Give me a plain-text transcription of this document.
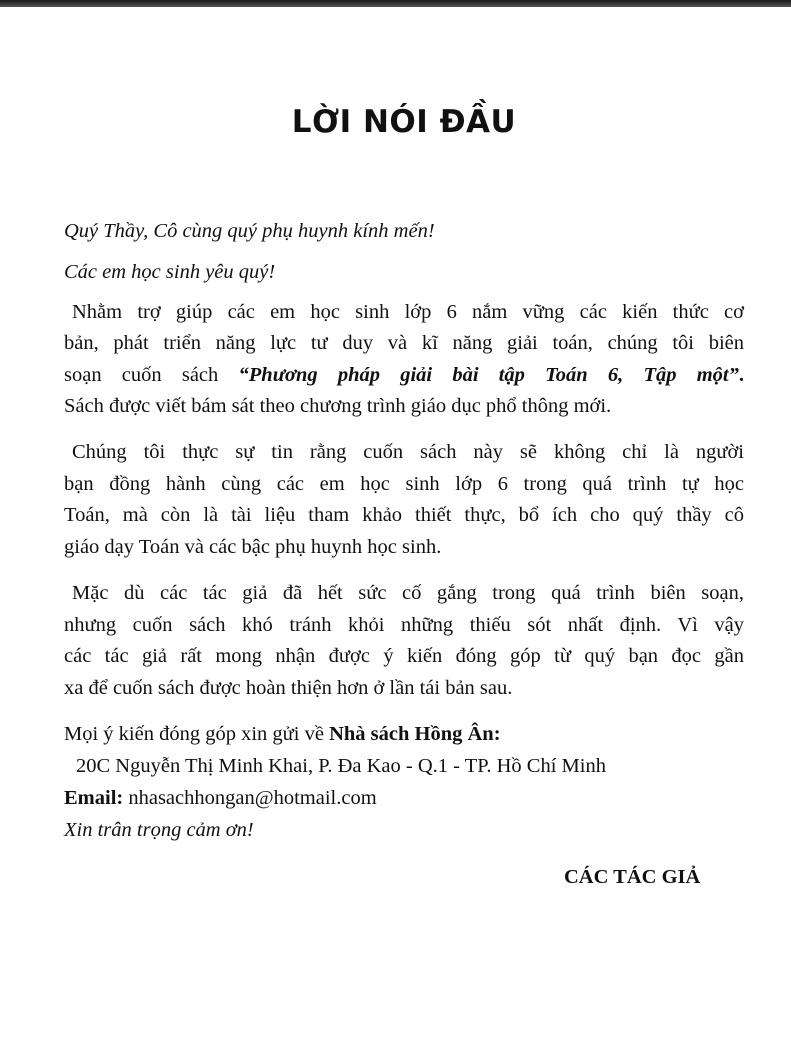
LỜI NÓI ĐẦU

Quý Thầy, Cô cùng quý phụ huynh kính mến!

Các em học sinh yêu quý!

Nhằm trợ giúp các em học sinh lớp 6 nắm vững các kiến thức cơ

bản, phát triển năng lực tư duy và kĩ năng giải toán, chúng tôi biên

soạn cuốn sách “Phương pháp giải bài tập Toán 6, Tập một”.

Sách được viết bám sát theo chương trình giáo dục phổ thông mới.

Chúng tôi thực sự tin rằng cuốn sách này sẽ không chỉ là người

bạn đồng hành cùng các em học sinh lớp 6 trong quá trình tự học

Toán, mà còn là tài liệu tham khảo thiết thực, bổ ích cho quý thầy cô

giáo dạy Toán và các bậc phụ huynh học sinh.

Mặc dù các tác giả đã hết sức cố gắng trong quá trình biên soạn,

nhưng cuốn sách khó tránh khỏi những thiếu sót nhất định. Vì vậy

các tác giả rất mong nhận được ý kiến đóng góp từ quý bạn đọc gần

xa để cuốn sách được hoàn thiện hơn ở lần tái bản sau.

Mọi ý kiến đóng góp xin gửi về Nhà sách Hồng Ân:

20C Nguyễn Thị Minh Khai, P. Đa Kao - Q.1 - TP. Hồ Chí Minh

Email: nhasachhongan@hotmail.com

Xin trân trọng cảm ơn!

CÁC TÁC GIẢ
